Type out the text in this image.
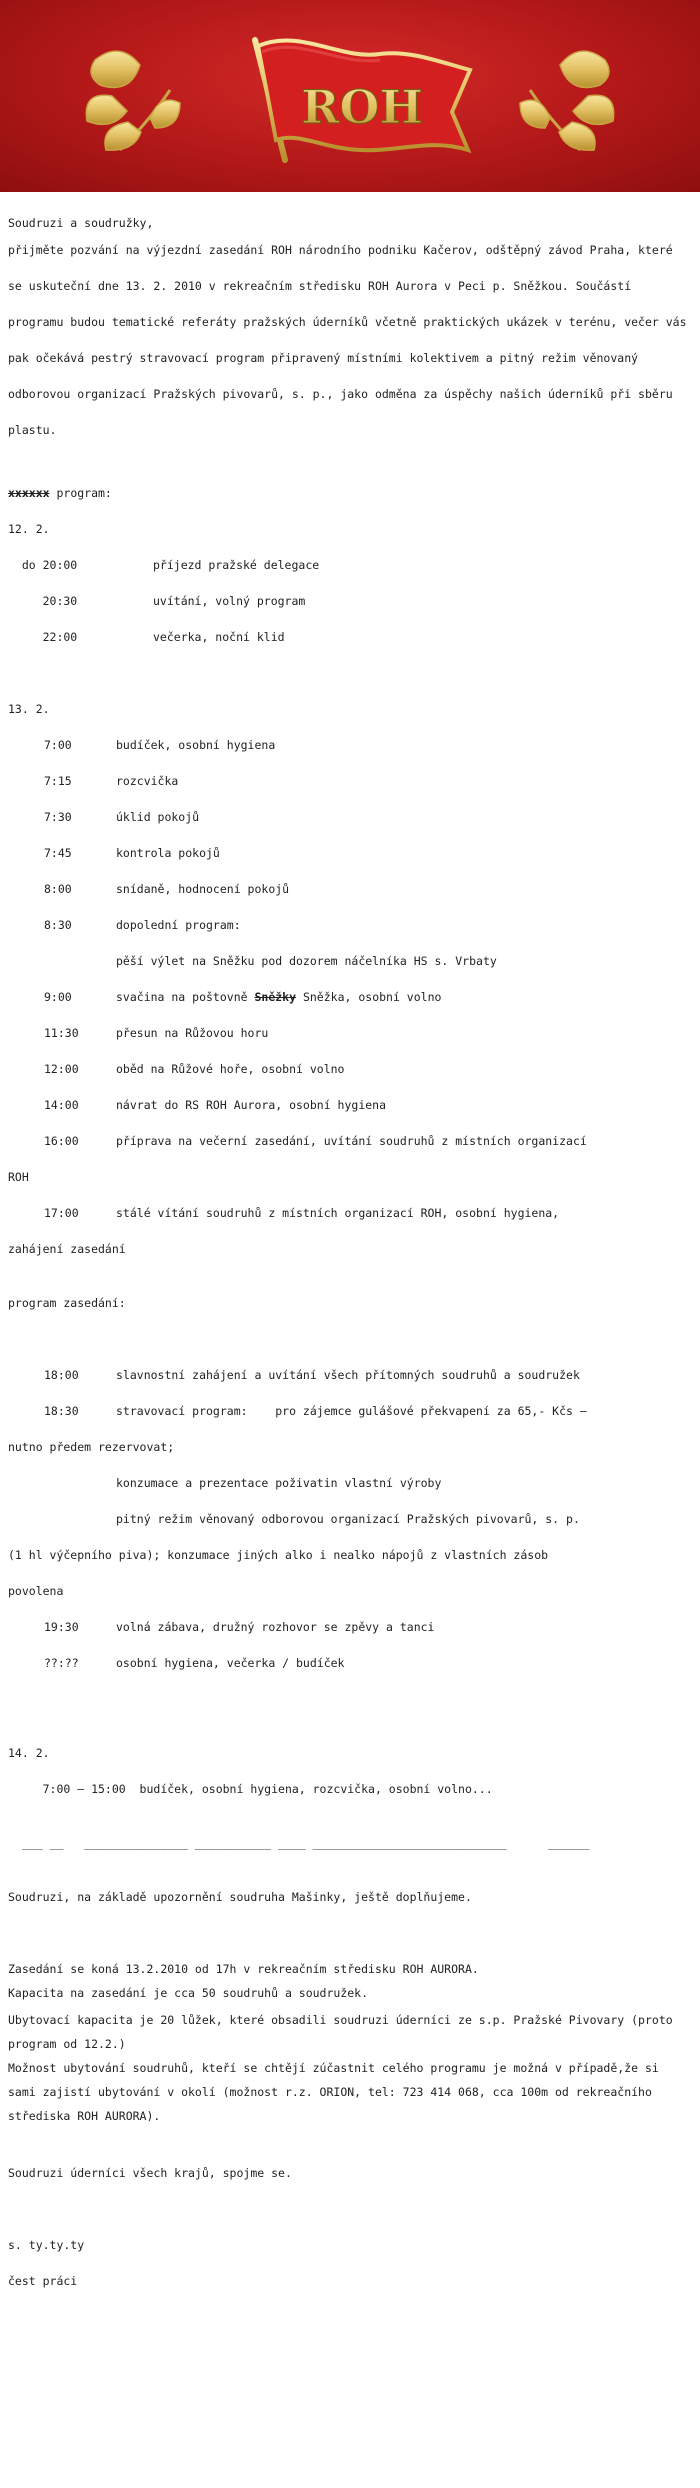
ROH
Soudruzi a soudružky,
přijměte pozvání na výjezdní zasedání ROH národního podniku Kačerov, odštěpný závod Praha, které se uskuteční dne 13. 2. 2010 v rekreačním středisku ROH Aurora v Peci p. Sněžkou. Součástí programu budou tematické referáty pražských úderníků včetně praktických ukázek v terénu, večer vás pak očekává pestrý stravovací program připravený místními kolektivem a pitný režim věnovaný odborovou organizací Pražských pivovarů, s. p., jako odměna za úspěchy našich úderníků při sběru plastu.
xxxxxx program:
12. 2.
do 20:00	příjezd pražské delegace
20:30	uvítání, volný program
22:00	večerka, noční klid
13. 2.
7:00	budíček, osobní hygiena
7:15	rozcvička
7:30	úklid pokojů
7:45	kontrola pokojů
8:00	snídaně, hodnocení pokojů
8:30	dopolední program:
pěší výlet na Sněžku pod dozorem náčelníka HS s. Vrbaty
9:00	svačina na poštovně Sněžky Sněžka, osobní volno
11:30	přesun na Růžovou horu
12:00	oběd na Růžové hoře, osobní volno
14:00	návrat do RS ROH Aurora, osobní hygiena
16:00	příprava na večerní zasedání, uvítání soudruhů z místních organizací
ROH
17:00	stálé vítání soudruhů z místních organizací ROH, osobní hygiena,
zahájení zasedání
program zasedání:
18:00	slavnostní zahájení a uvítání všech přítomných soudruhů a soudružek
18:30	stravovací program:    pro zájemce gulášové překvapení za 65,- Kčs –
nutno předem rezervovat;
konzumace a prezentace poživatin vlastní výroby
pitný režim věnovaný odborovou organizací Pražských pivovarů, s. p.
(1 hl výčepního piva); konzumace jiných alko i nealko nápojů z vlastních zásob
povolena
19:30	volná zábava, družný rozhovor se zpěvy a tanci
??:??	osobní hygiena, večerka / budíček
14. 2.
7:00 – 15:00  budíček, osobní hygiena, rozcvička, osobní volno...
___ __   _______________ ___________ ____ ____________________________      ______
Soudruzi, na základě upozornění soudruha Mašinky, ještě doplňujeme.
Zasedání se koná 13.2.2010 od 17h v rekreačním středisku ROH AURORA.
Kapacita na zasedání je cca 50 soudruhů a soudružek.
Ubytovací kapacita je 20 lůžek, které obsadili soudruzi úderníci ze s.p. Pražské Pivovary (proto program od 12.2.)
Možnost ubytování soudruhů, kteří se chtějí zúčastnit celého programu je možná v případě,že si sami zajistí ubytování v okolí (možnost r.z. ORION, tel: 723 414 068, cca 100m od rekreačního střediska ROH AURORA).
Soudruzi úderníci všech krajů, spojme se.
s. ty.ty.ty
čest práci
